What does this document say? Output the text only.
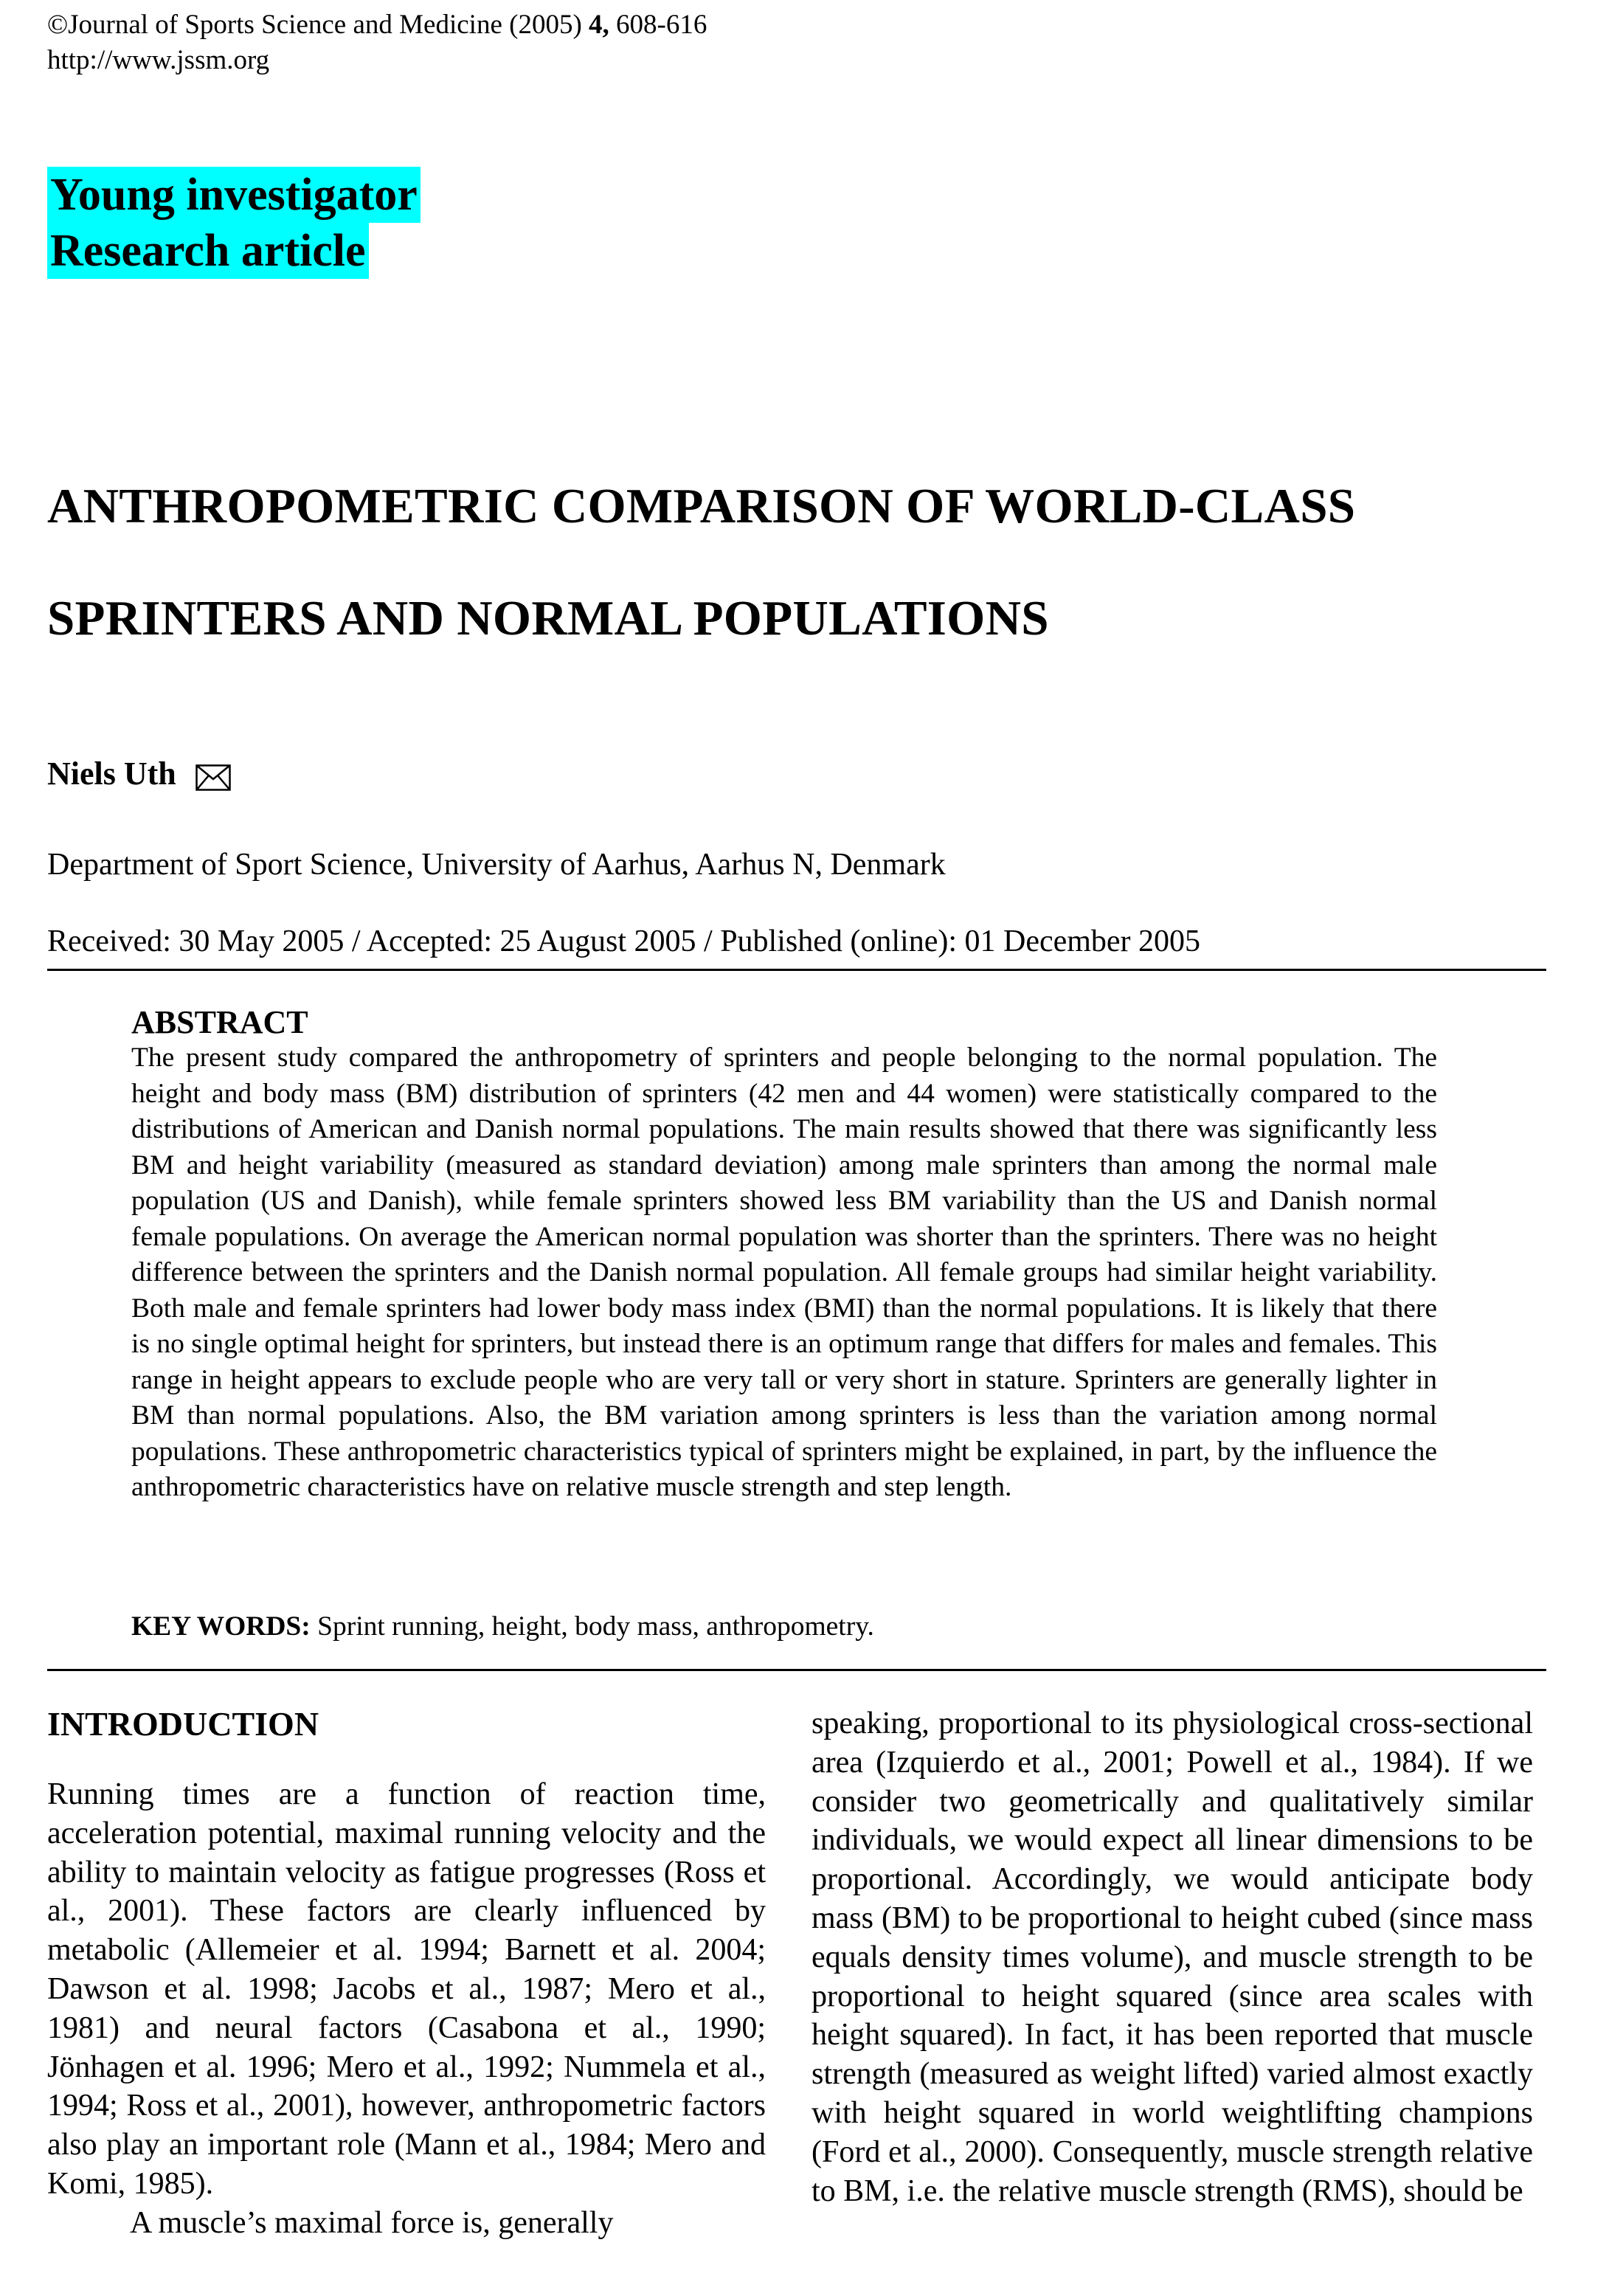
©Journal of Sports Science and Medicine (2005) 4, 608-616
http://www.jssm.org
Young investigator
Research article
ANTHROPOMETRIC COMPARISON OF WORLD-CLASS
SPRINTERS AND NORMAL POPULATIONS
Niels Uth
Department of Sport Science, University of Aarhus, Aarhus N, Denmark
Received: 30 May 2005 / Accepted: 25 August 2005 / Published (online): 01 December 2005
ABSTRACT
The present study compared the anthropometry of sprinters and people belonging to the normal population. The height and body mass (BM) distribution of sprinters (42 men and 44 women) were statistically compared to the distributions of American and Danish normal populations. The main results showed that there was significantly less BM and height variability (measured as standard deviation) among male sprinters than among the normal male population (US and Danish), while female sprinters showed less BM variability than the US and Danish normal female populations. On average the American normal population was shorter than the sprinters. There was no height difference between the sprinters and the Danish normal population. All female groups had similar height variability. Both male and female sprinters had lower body mass index (BMI) than the normal populations. It is likely that there is no single optimal height for sprinters, but instead there is an optimum range that differs for males and females. This range in height appears to exclude people who are very tall or very short in stature. Sprinters are generally lighter in BM than normal populations. Also, the BM variation among sprinters is less than the variation among normal populations. These anthropometric characteristics typical of sprinters might be explained, in part, by the influence the anthropometric characteristics have on relative muscle strength and step length.
KEY WORDS: Sprint running, height, body mass, anthropometry.
INTRODUCTION

Running times are a function of reaction time, acceleration potential, maximal running velocity and the ability to maintain velocity as fatigue progresses (Ross et al., 2001). These factors are clearly influenced by metabolic (Allemeier et al. 1994; Barnett et al. 2004; Dawson et al. 1998; Jacobs et al., 1987; Mero et al., 1981) and neural factors (Casabona et al., 1990; Jönhagen et al. 1996; Mero et al., 1992; Nummela et al., 1994; Ross et al., 2001), however, anthropometric factors also play an important role (Mann et al., 1984; Mero and Komi, 1985).

A muscle’s maximal force is, generally

speaking, proportional to its physiological cross-sectional area (Izquierdo et al., 2001; Powell et al., 1984). If we consider two geometrically and qualitatively similar individuals, we would expect all linear dimensions to be proportional. Accordingly, we would anticipate body mass (BM) to be proportional to height cubed (since mass equals density times volume), and muscle strength to be proportional to height squared (since area scales with height squared). In fact, it has been reported that muscle strength (measured as weight lifted) varied almost exactly with height squared in world weightlifting champions (Ford et al., 2000). Consequently, muscle strength relative to BM, i.e. the relative muscle strength (RMS), should be
